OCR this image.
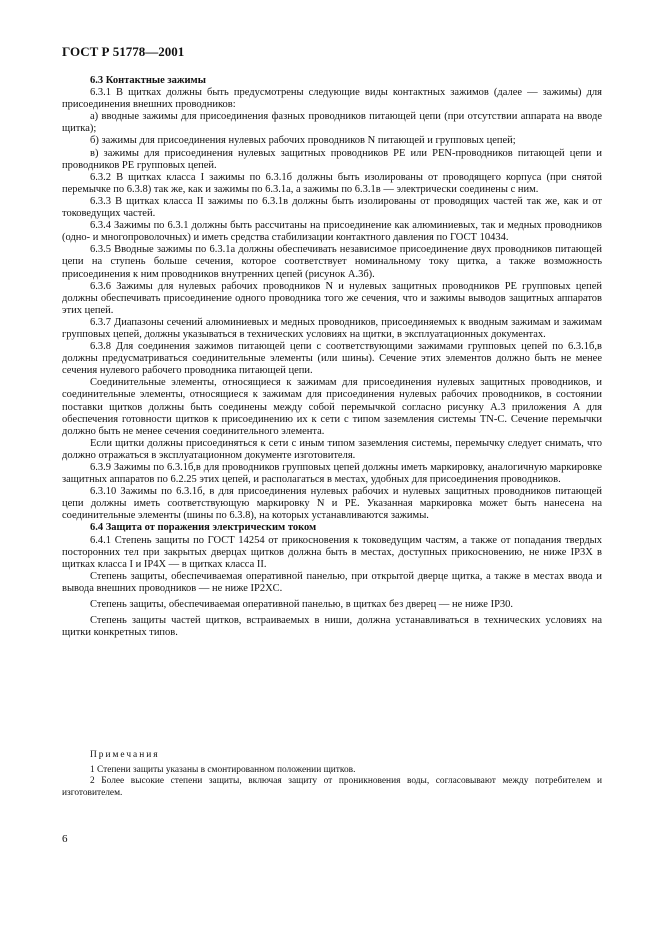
ГОСТ Р 51778—2001

6.3 Контактные зажимы

6.3.1 В щитках должны быть предусмотрены следующие виды контактных зажимов (далее — зажимы) для присоединения внешних проводников:

а) вводные зажимы для присоединения фазных проводников питающей цепи (при отсутствии аппарата на вводе щитка);

б) зажимы для присоединения нулевых рабочих проводников N питающей и групповых цепей;

в) зажимы для присоединения нулевых защитных проводников PE или PEN-проводников питающей цепи и проводников PE групповых цепей.

6.3.2 В щитках класса I зажимы по 6.3.1б должны быть изолированы от проводящего корпуса (при снятой перемычке по 6.3.8) так же, как и зажимы по 6.3.1а, а зажимы по 6.3.1в — электрически соединены с ним.

6.3.3 В щитках класса II зажимы по 6.3.1в должны быть изолированы от проводящих частей так же, как и от токоведущих частей.

6.3.4 Зажимы по 6.3.1 должны быть рассчитаны на присоединение как алюминиевых, так и медных проводников (одно- и многопроволочных) и иметь средства стабилизации контактного давления по ГОСТ 10434.

6.3.5 Вводные зажимы по 6.3.1а должны обеспечивать независимое присоединение двух проводников питающей цепи на ступень больше сечения, которое соответствует номинальному току щитка, а также возможность присоединения к ним проводников внутренних цепей (рисунок А.3б).

6.3.6 Зажимы для нулевых рабочих проводников N и нулевых защитных проводников PE групповых цепей должны обеспечивать присоединение одного проводника того же сечения, что и зажимы выводов защитных аппаратов этих цепей.

6.3.7 Диапазоны сечений алюминиевых и медных проводников, присоединяемых к вводным зажимам и зажимам групповых цепей, должны указываться в технических условиях на щитки, в эксплуатационных документах.

6.3.8 Для соединения зажимов питающей цепи с соответствующими зажимами групповых цепей по 6.3.1б,в должны предусматриваться соединительные элементы (или шины). Сечение этих элементов должно быть не менее сечения нулевого рабочего проводника питающей цепи.

Соединительные элементы, относящиеся к зажимам для присоединения нулевых защитных проводников, и соединительные элементы, относящиеся к зажимам для присоединения нулевых рабочих проводников, в состоянии поставки щитков должны быть соединены между собой перемычкой согласно рисунку А.3 приложения А для обеспечения готовности щитков к присоединению их к сети с типом заземления системы TN-C. Сечение перемычки должно быть не менее сечения соединительного элемента.

Если щитки должны присоединяться к сети с иным типом заземления системы, перемычку следует снимать, что должно отражаться в эксплуатационном документе изготовителя.

6.3.9 Зажимы по 6.3.1б,в для проводников групповых цепей должны иметь маркировку, аналогичную маркировке защитных аппаратов по 6.2.25 этих цепей, и располагаться в местах, удобных для присоединения проводников.

6.3.10 Зажимы по 6.3.1б, в для присоединения нулевых рабочих и нулевых защитных проводников питающей цепи должны иметь соответствующую маркировку N и PE. Указанная маркировка может быть нанесена на соединительные элементы (шины по 6.3.8), на которых устанавливаются зажимы.

6.4 Защита от поражения электрическим током

6.4.1 Степень защиты по ГОСТ 14254 от прикосновения к токоведущим частям, а также от попадания твердых посторонних тел при закрытых дверцах щитков должна быть в местах, доступных прикосновению, не ниже IP3X в щитках класса I и IP4X — в щитках класса II.

Степень защиты, обеспечиваемая оперативной панелью, при открытой дверце щитка, а также в местах ввода и вывода внешних проводников — не ниже IP2XC.

Степень защиты, обеспечиваемая оперативной панелью, в щитках без дверец — не ниже IP30.

Степень защиты частей щитков, встраиваемых в ниши, должна устанавливаться в технических условиях на щитки конкретных типов.

Примечания

1 Степени защиты указаны в смонтированном положении щитков.

2 Более высокие степени защиты, включая защиту от проникновения воды, согласовывают между потребителем и изготовителем.

6
